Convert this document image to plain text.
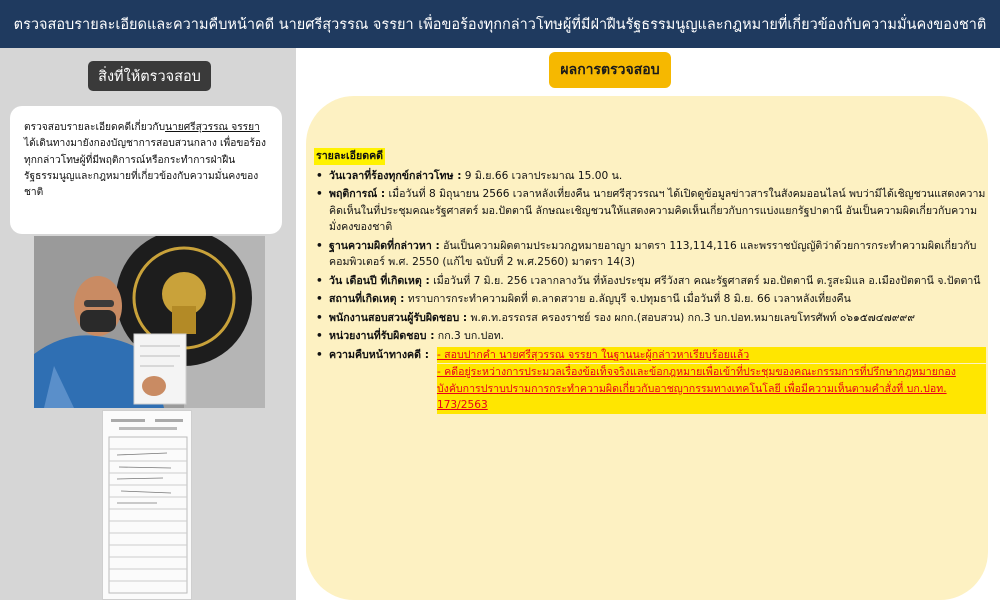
ตรวจสอบรายละเอียดและความคืบหน้าคดี นายศรีสุวรรณ จรรยา เพื่อขอร้องทุกกล่าวโทษผู้ที่มีฝ่าฝืนรัฐธรรมนูญและกฎหมายที่เกี่ยวข้องกับความมั่นคงของชาติ
สิ่งที่ให้ตรวจสอบ
ตรวจสอบรายละเอียดคดีเกี่ยวกับนายศรีสุวรรณ จรรยา ได้เดินทางมายังกองบัญชาการสอบสวนกลาง เพื่อขอร้องทุกกล่าวโทษผู้ที่มีพฤติการณ์หรือกระทำการฝ่าฝืนรัฐธรรมนูญและกฎหมายที่เกี่ยวข้องกับความมั่นคงของชาติ
ผลการตรวจสอบ
รายละเอียดคดี
• วันเวลาที่ร้องทุกข์กล่าวโทษ : 9 มิ.ย.66 เวลาประมาณ 15.00 น.
• พฤติการณ์ : เมื่อวันที่ 8 มิถุนายน 2566 เวลาหลังเที่ยงคืน นายศรีสุวรรณฯ ได้เปิดดูข้อมูลข่าวสารในสังคมออนไลน์ พบว่ามีได้เชิญชวนแสดงความคิดเห็นในที่ประชุมคณะรัฐศาสตร์ มอ.ปัตตานี ลักษณะเชิญชวนให้แสดงความคิดเห็นเกี่ยวกับการแบ่งแยกรัฐปาตานี อันเป็นความผิดเกี่ยวกับความมั่งคงของชาติ
• ฐานความผิดที่กล่าวหา : อันเป็นความผิดตามประมวกฎหมายอาญา มาตรา 113,114,116 และพรราชบัญญัติว่าด้วยการกระทำความผิดเกี่ยวกับคอมพิวเตอร์ พ.ศ. 2550 (แก้ไข ฉบับที่ 2 พ.ศ.2560) มาตรา 14(3)
• วัน เดือนปี ที่เกิดเหตุ : เมื่อวันที่ 7 มิ.ย. 256 เวลากลางวัน ที่ห้องประชุม ศรีวังสา คณะรัฐศาสตร์ มอ.ปัตตานี ต.รูสะมิแล อ.เมืองปัตตานี จ.ปัตตานี
• สถานที่เกิดเหตุ : ทราบการกระทำความผิดที่ ต.ลาดสวาย อ.ลัญบุรี จ.ปทุมธานี เมื่อวันที่ 8 มิ.ย. 66 เวลาหลังเที่ยงคืน
• พนักงานสอบสวนผู้รับผิดชอบ : พ.ต.ท.อรรถรส ครองราชย์ รอง ผกก.(สอบสวน) กก.3 บก.ปอท.หมายเลขโทรศัพท์ ๐๖๑๕๗๔๗๙๙๙
• หน่วยงานที่รับผิดชอบ : กก.3 บก.ปอท.
• ความคืบหน้าทางคดี : - สอบปากคำ นายศรีสุวรรณ จรรยา ในฐานนะผู้กล่าวหาเรียบร้อยแล้ว
- คดีอยู่ระหว่างการประมวลเรื่องข้อเท็จจริงและข้อกฎหมายเพื่อเข้าที่ประชุมของคณะกรรมการที่ปรึกษากฎหมายกองบังคับการปราบปรามการกระทำความผิดเกี่ยวกับอาชญากรรมทางเทคโนโลยี เพื่อมีความเห็นตามคำสั่งที่ บก.ปอท. 173/2563
